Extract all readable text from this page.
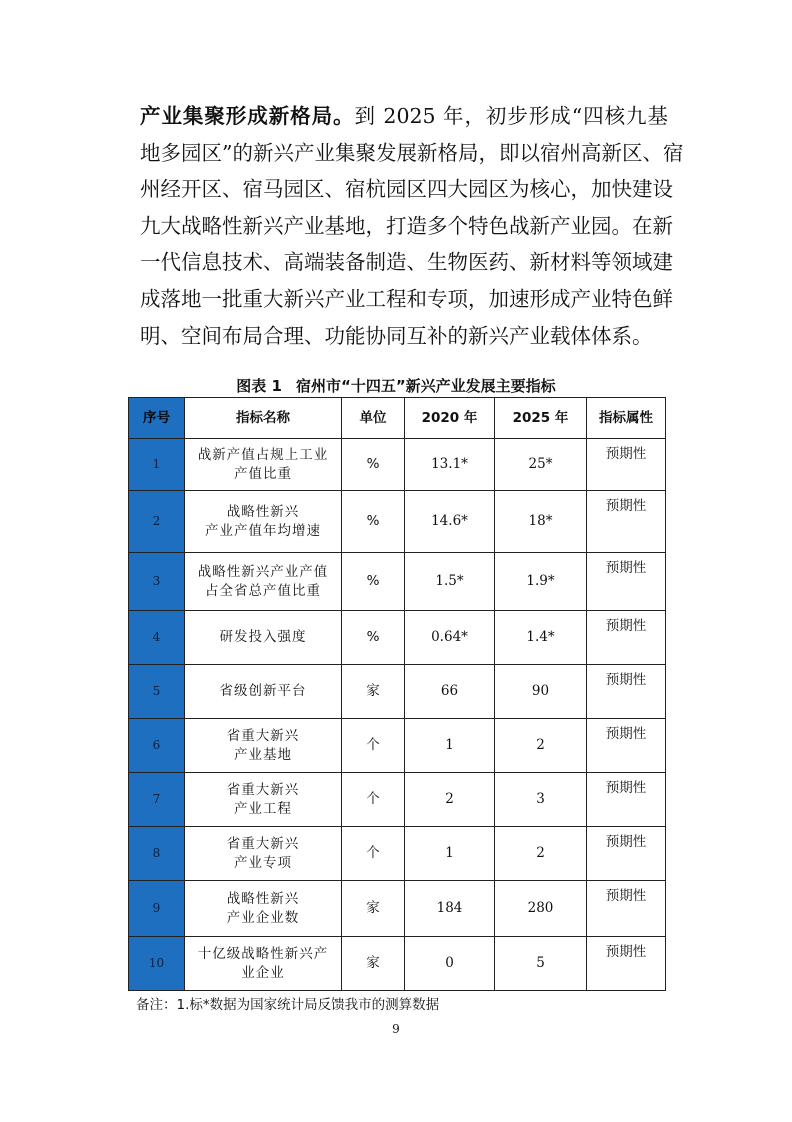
产业集聚形成新格局。到 2025 年，初步形成“四核九基
地多园区”的新兴产业集聚发展新格局，即以宿州高新区、宿
州经开区、宿马园区、宿杭园区四大园区为核心，加快建设
九大战略性新兴产业基地，打造多个特色战新产业园。在新
一代信息技术、高端装备制造、生物医药、新材料等领域建
成落地一批重大新兴产业工程和专项，加速形成产业特色鲜
明、空间布局合理、功能协同互补的新兴产业载体体系。

图表 1 宿州市“十四五”新兴产业发展主要指标
序号	指标名称	单位	2020 年	2025 年	指标属性
1	战新产值占规上工业
产值比重	%	13.1*	25*	预期性
2	战略性新兴
产业产值年均增速	%	14.6*	18*	预期性
3	战略性新兴产业产值
占全省总产值比重	%	1.5*	1.9*	预期性
4	研发投入强度	%	0.64*	1.4*	预期性
5	省级创新平台	家	66	90	预期性
6	省重大新兴
产业基地	个	1	2	预期性
7	省重大新兴
产业工程	个	2	3	预期性
8	省重大新兴
产业专项	个	1	2	预期性
9	战略性新兴
产业企业数	家	184	280	预期性
10	十亿级战略性新兴产
业企业	家	0	5	预期性
备注：1.标*数据为国家统计局反馈我市的测算数据
9
